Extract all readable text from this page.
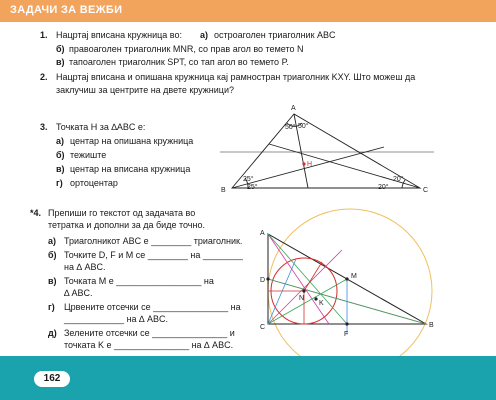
ЗАДАЧИ ЗА ВЕЖБИ
1. Нацртај вписана кружница во: а) остроаголен триаголник ABC
б) правоаголен триаголник MNR, со прав агол во темето N
в) тапоаголен триаголник SPT, со тап агол во темето P.
2. Нацртај вписана и опишана кружница кај рамностран триаголник KXY. Што можеш да
заклучиш за центрите на двете кружници?
3. Точката H за ∆ABC е:
а) центар на опишана кружница
б) тежиште
в) центар на вписана кружница
г) ортоцентар
A
B	C
H
50° 50°
25°
25°
20°
20°
*4. Препиши го текстот од задачата во
тетратка и дополни за да биде точно.
а) Триаголникот ABC е ________ триаголник.
б) Точките D, F и M се ________ на ________
на ∆ ABC.
в) Точката M е _________________ на
∆ ABC.
г) Црвените отсечки се _______________ на
____________ на ∆ ABC.
д) Зелените отсечки се _______________ и
точката K е _______________ на ∆ ABC.
A
B
C
D
M
N
K
F
162
